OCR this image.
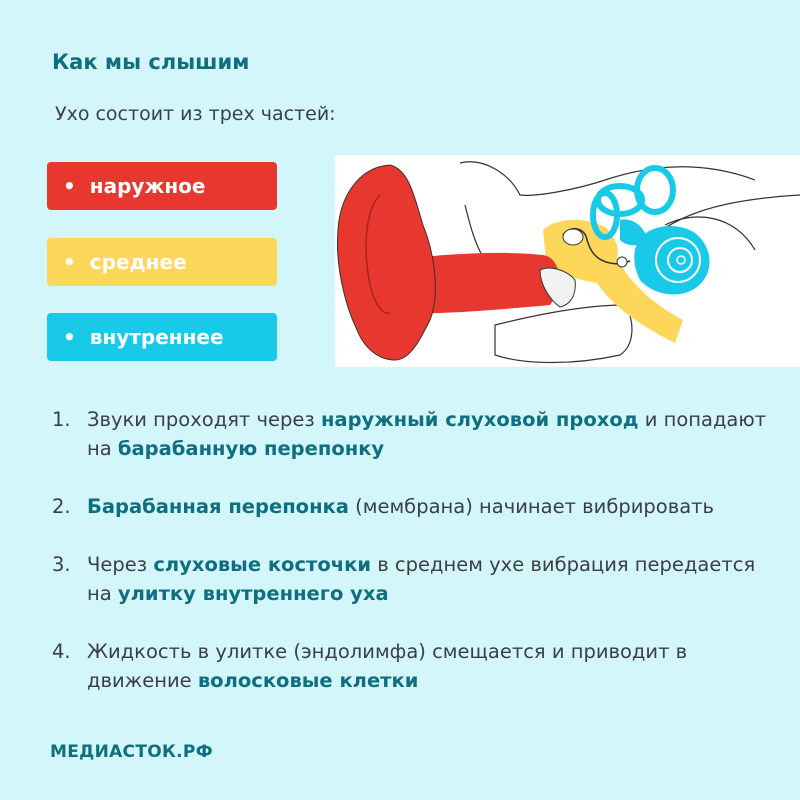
Как мы слышим
Ухо состоит из трех частей:
• наружное
• среднее
• внутреннее
1. Звуки проходят через наружный слуховой проход и попадают на барабанную перепонку
2. Барабанная перепонка (мембрана) начинает вибрировать
3. Через слуховые косточки в среднем ухе вибрация передается на улитку внутреннего уха
4. Жидкость в улитке (эндолимфа) смещается и приводит в движение волосковые клетки
МЕДИАСТОК.РФ
